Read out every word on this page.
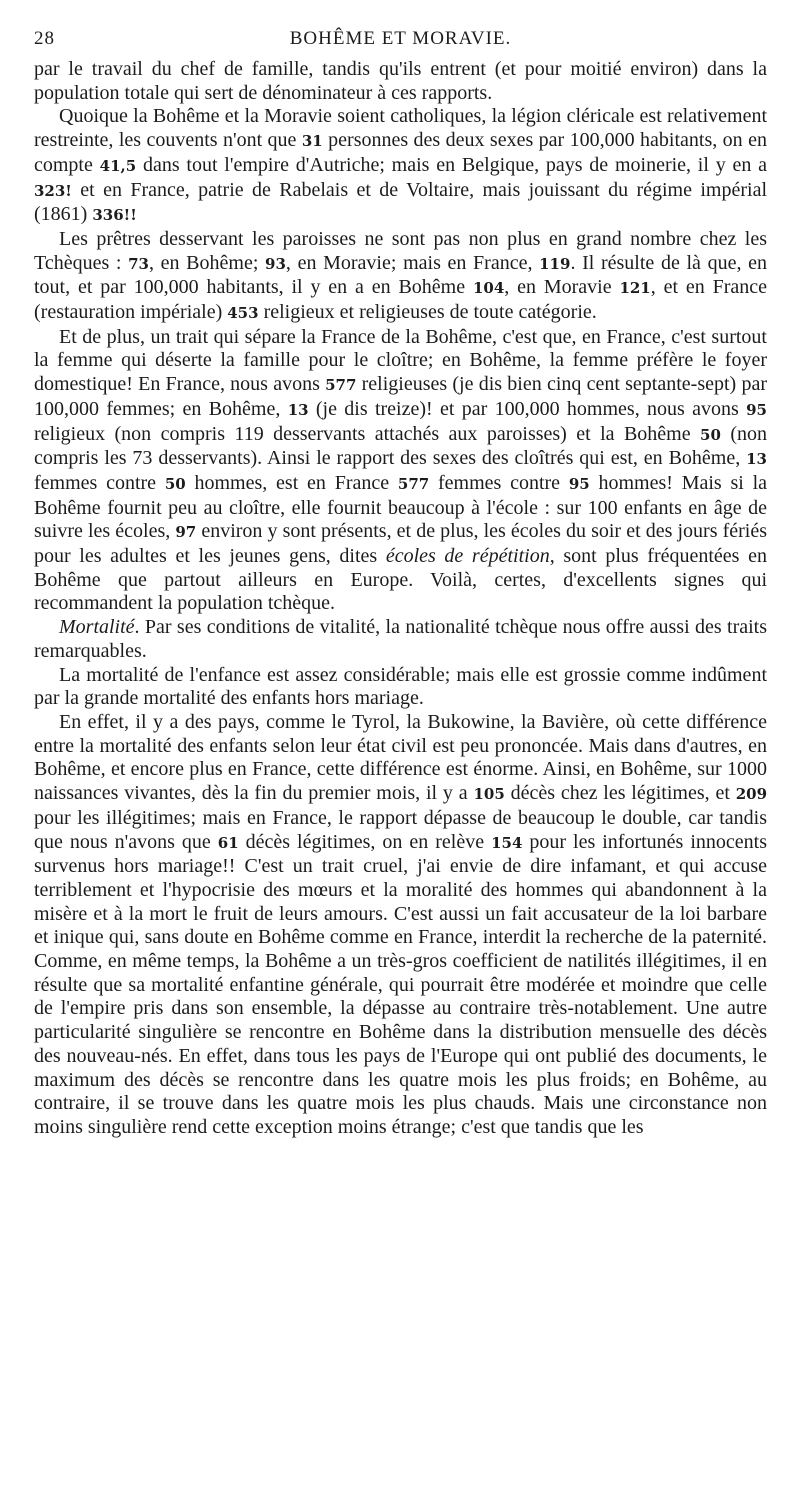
28	BOHÊME ET MORAVIE.

par le travail du chef de famille, tandis qu'ils entrent (et pour moitié environ) dans la population totale qui sert de dénominateur à ces rapports.

Quoique la Bohême et la Moravie soient catholiques, la légion cléricale est relativement restreinte, les couvents n'ont que 31 personnes des deux sexes par 100,000 habitants, on en compte 41,5 dans tout l'empire d'Autriche; mais en Belgique, pays de moinerie, il y en a 323! et en France, patrie de Rabelais et de Voltaire, mais jouissant du régime impérial (1861) 336!!

Les prêtres desservant les paroisses ne sont pas non plus en grand nombre chez les Tchèques : 73, en Bohême; 93, en Moravie; mais en France, 119. Il résulte de là que, en tout, et par 100,000 habitants, il y en a en Bohême 104, en Moravie 121, et en France (restauration impériale) 453 religieux et religieuses de toute catégorie.

Et de plus, un trait qui sépare la France de la Bohême, c'est que, en France, c'est surtout la femme qui déserte la famille pour le cloître; en Bohême, la femme préfère le foyer domestique! En France, nous avons 577 religieuses (je dis bien cinq cent septante-sept) par 100,000 femmes; en Bohême, 13 (je dis treize)! et par 100,000 hommes, nous avons 95 religieux (non compris 119 desservants attachés aux paroisses) et la Bohême 50 (non compris les 73 desservants). Ainsi le rapport des sexes des cloîtrés qui est, en Bohême, 13 femmes contre 50 hommes, est en France 577 femmes contre 95 hommes! Mais si la Bohême fournit peu au cloître, elle fournit beaucoup à l'école : sur 100 enfants en âge de suivre les écoles, 97 environ y sont présents, et de plus, les écoles du soir et des jours fériés pour les adultes et les jeunes gens, dites écoles de répétition, sont plus fréquentées en Bohême que partout ailleurs en Europe. Voilà, certes, d'excellents signes qui recommandent la population tchèque.

Mortalité. Par ses conditions de vitalité, la nationalité tchèque nous offre aussi des traits remarquables.

La mortalité de l'enfance est assez considérable; mais elle est grossie comme indûment par la grande mortalité des enfants hors mariage.

En effet, il y a des pays, comme le Tyrol, la Bukowine, la Bavière, où cette différence entre la mortalité des enfants selon leur état civil est peu prononcée. Mais dans d'autres, en Bohême, et encore plus en France, cette différence est énorme. Ainsi, en Bohême, sur 1000 naissances vivantes, dès la fin du premier mois, il y a 105 décès chez les légitimes, et 209 pour les illégitimes; mais en France, le rapport dépasse de beaucoup le double, car tandis que nous n'avons que 61 décès légitimes, on en relève 154 pour les infortunés innocents survenus hors mariage!! C'est un trait cruel, j'ai envie de dire infamant, et qui accuse terriblement et l'hypocrisie des mœurs et la moralité des hommes qui abandonnent à la misère et à la mort le fruit de leurs amours. C'est aussi un fait accusateur de la loi barbare et inique qui, sans doute en Bohême comme en France, interdit la recherche de la paternité. Comme, en même temps, la Bohême a un très-gros coefficient de natilités illégitimes, il en résulte que sa mortalité enfantine générale, qui pourrait être modérée et moindre que celle de l'empire pris dans son ensemble, la dépasse au contraire très-notablement. Une autre particularité singulière se rencontre en Bohême dans la distribution mensuelle des décès des nouveau-nés. En effet, dans tous les pays de l'Europe qui ont publié des documents, le maximum des décès se rencontre dans les quatre mois les plus froids; en Bohême, au contraire, il se trouve dans les quatre mois les plus chauds. Mais une circonstance non moins singulière rend cette exception moins étrange; c'est que tandis que les
